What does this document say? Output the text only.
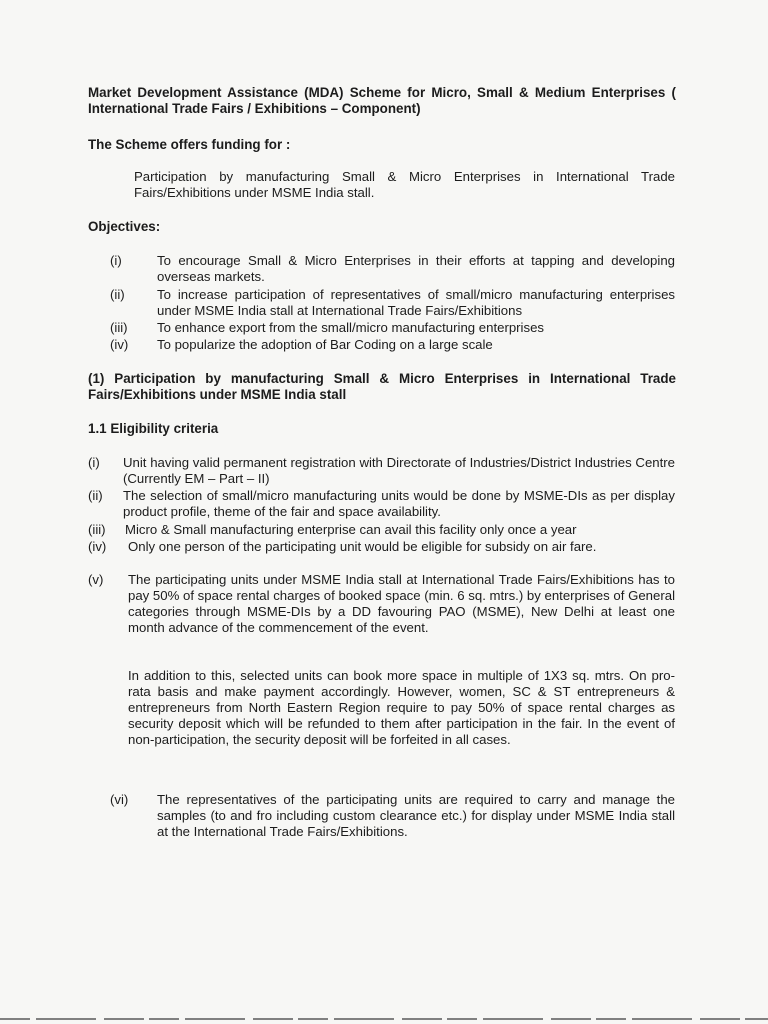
Market Development Assistance (MDA) Scheme for Micro, Small & Medium Enterprises ( International Trade Fairs / Exhibitions – Component)
The Scheme offers funding for :
Participation by manufacturing Small & Micro Enterprises in International Trade Fairs/Exhibitions under MSME India stall.
Objectives:
(i)	To encourage Small & Micro Enterprises in their efforts at tapping and developing overseas markets.
(ii) To increase participation of representatives of small/micro manufacturing enterprises under MSME India stall at International Trade Fairs/Exhibitions
(iii) To enhance export from the small/micro manufacturing enterprises
(iv) To popularize the adoption of Bar Coding on a large scale
(1) Participation by manufacturing Small & Micro Enterprises in International Trade Fairs/Exhibitions under MSME India stall
1.1 Eligibility criteria
(i) Unit having valid permanent registration with Directorate of Industries/District Industries Centre (Currently EM – Part – II)
(ii) The selection of small/micro manufacturing units would be done by MSME-DIs as per display product profile, theme of the fair and space availability.
(iii) Micro & Small manufacturing enterprise can avail this facility only once a year
(iv) Only one person of the participating unit would be eligible for subsidy on air fare.
(v) The participating units under MSME India stall at International Trade Fairs/Exhibitions has to pay 50% of space rental charges of booked space (min. 6 sq. mtrs.) by enterprises of General categories through MSME-DIs by a DD favouring PAO (MSME), New Delhi at least one month advance of the commencement of the event.
In addition to this, selected units can book more space in multiple of 1X3 sq. mtrs. On pro-rata basis and make payment accordingly. However, women, SC & ST entrepreneurs & entrepreneurs from North Eastern Region require to pay 50% of space rental charges as security deposit which will be refunded to them after participation in the fair. In the event of non-participation, the security deposit will be forfeited in all cases.
(vi) The representatives of the participating units are required to carry and manage the samples (to and fro including custom clearance etc.) for display under MSME India stall at the International Trade Fairs/Exhibitions.
